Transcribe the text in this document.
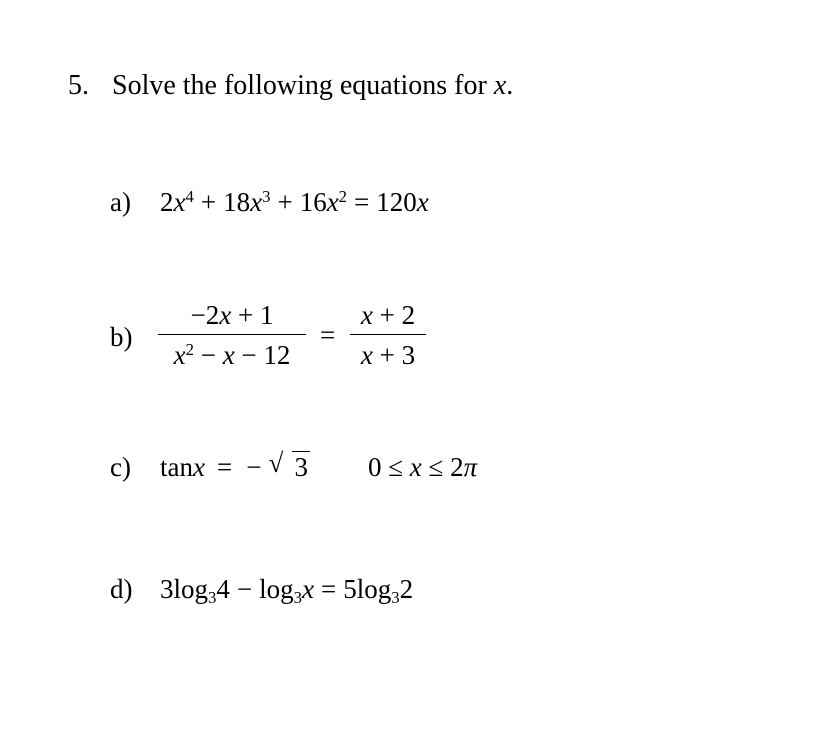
5. Solve the following equations for x.
a) $2x^4 + 18x^3 + 16x^2 = 120x$
b)
−2x + 1
$x^2 - x - 12$
=
x + 2
x + 3
c) tanx = − √ 3 0 ≤ x ≤ 2π
d) $3\log_34 - \log_3x = 5\log_32$
